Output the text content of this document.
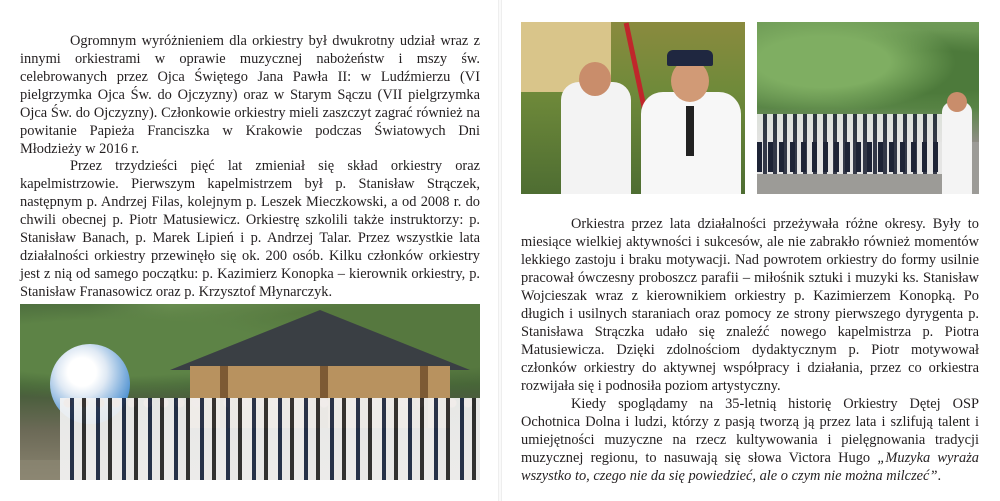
Ogromnym wyróżnieniem dla orkiestry był dwukrotny udział wraz z innymi orkiestrami w oprawie muzycznej nabożeństw i mszy św. celebrowanych przez Ojca Świętego Jana Pawła II: w Ludźmierzu (VI pielgrzymka Ojca Św. do Ojczyzny) oraz w Starym Sączu (VII pielgrzymka Ojca Św. do Ojczyzny). Członkowie orkiestry mieli zaszczyt zagrać również na powitanie Papieża Franciszka w Krakowie podczas Światowych Dni Młodzieży w 2016 r.

Przez trzydzieści pięć lat zmieniał się skład orkiestry oraz kapelmistrzowie. Pierwszym kapelmistrzem był p. Stanisław Strączek, następnym p. Andrzej Filas, kolejnym p. Leszek Mieczkowski, a od 2008 r. do chwili obecnej p. Piotr Matusiewicz. Orkiestrę szkolili także instruktorzy: p. Stanisław Banach, p. Marek Lipień i p. Andrzej Talar. Przez wszystkie lata działalności orkiestry przewinęło się ok. 200 osób. Kilku członków orkiestry jest z nią od samego początku: p. Kazimierz Konopka – kierownik orkiestry, p. Stanisław Franasowicz oraz p. Krzysztof Młynarczyk.

Orkiestra przez lata działalności przeżywała różne okresy. Były to miesiące wielkiej aktywności i sukcesów, ale nie zabrakło również momentów lekkiego zastoju i braku motywacji. Nad powrotem orkiestry do formy usilnie pracował ówczesny proboszcz parafii – miłośnik sztuki i muzyki ks. Stanisław Wojcieszak wraz z kierownikiem orkiestry p. Kazimierzem Konopką. Po długich i usilnych staraniach oraz pomocy ze strony pierwszego dyrygenta p. Stanisława Strączka udało się znaleźć nowego kapelmistrza p. Piotra Matusiewicza. Dzięki zdolnościom dydaktycznym p. Piotr motywował członków orkiestry do aktywnej współpracy i działania, przez co orkiestra rozwijała się i podnosiła poziom artystyczny.

Kiedy spoglądamy na 35-letnią historię Orkiestry Dętej OSP Ochotnica Dolna i ludzi, którzy z pasją tworzą ją przez lata i szlifują talent i umiejętności muzyczne na rzecz kultywowania i pielęgnowania tradycji muzycznej regionu, to nasuwają się słowa Victora Hugo „Muzyka wyraża wszystko to, czego nie da się powiedzieć, ale o czym nie można milczeć”.
